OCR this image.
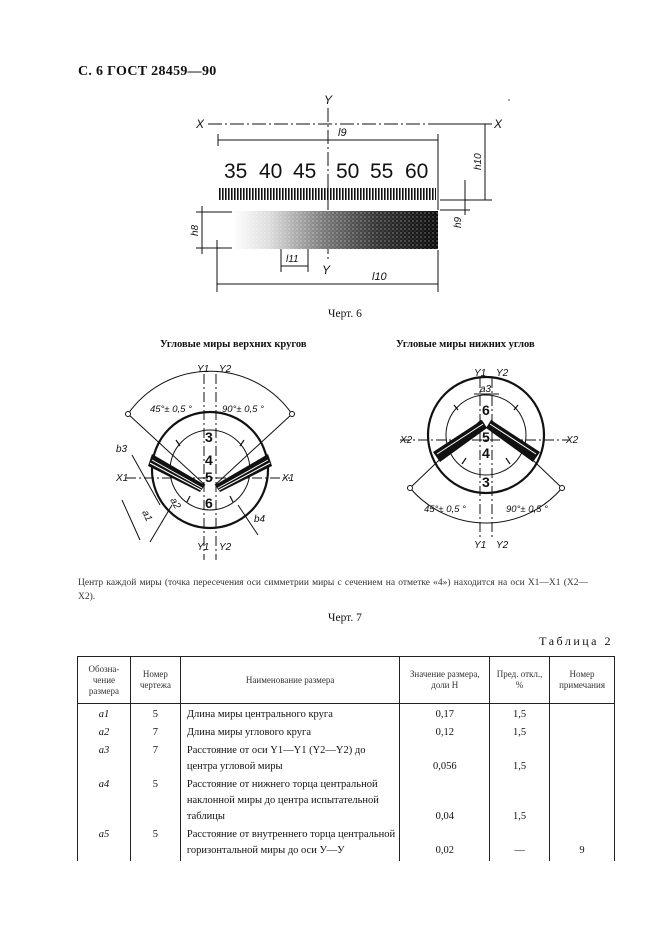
С. 6 ГОСТ 28459—90
35 40 45 50 55 60
Y
Y
X	X
l9
l11
l10
h10
h9
h8
Черт. 6
Угловые миры верхних кругов	Угловые миры нижних углов
3
4
5
6
Y1 Y2
Y1 Y2
X1	X1
45°± 0,5 °	90°± 0,5 °
b3
a2
a1	b4
6
5
4
3
Y1 Y2
Y1 Y2
X2	X2
a3
45°± 0,5 °	90°± 0,5 °
Центр каждой миры (точка пересечения оси симметрии миры с сечением на отметке «4») находится на оси X1—X1 (X2—X2).
Черт. 7
Таблица 2
Обозна-чение размера	Номер чертежа	Наименование размера	Значение размера, доли H	Пред. откл., %	Номер примечания
a1	5	Длина миры центрального круга	0,17	1,5	
a2	7	Длина миры углового круга	0,12	1,5	
a3	7	Расстояние от оси Y1—Y1 (Y2—Y2) до центра угловой миры	0,056	1,5	
a4	5	Расстояние от нижнего торца центральной наклонной миры до центра испытательной таблицы	0,04	1,5	
a5	5	Расстояние от внутреннего торца центральной горизонтальной миры до оси У—У	0,02	—	9
